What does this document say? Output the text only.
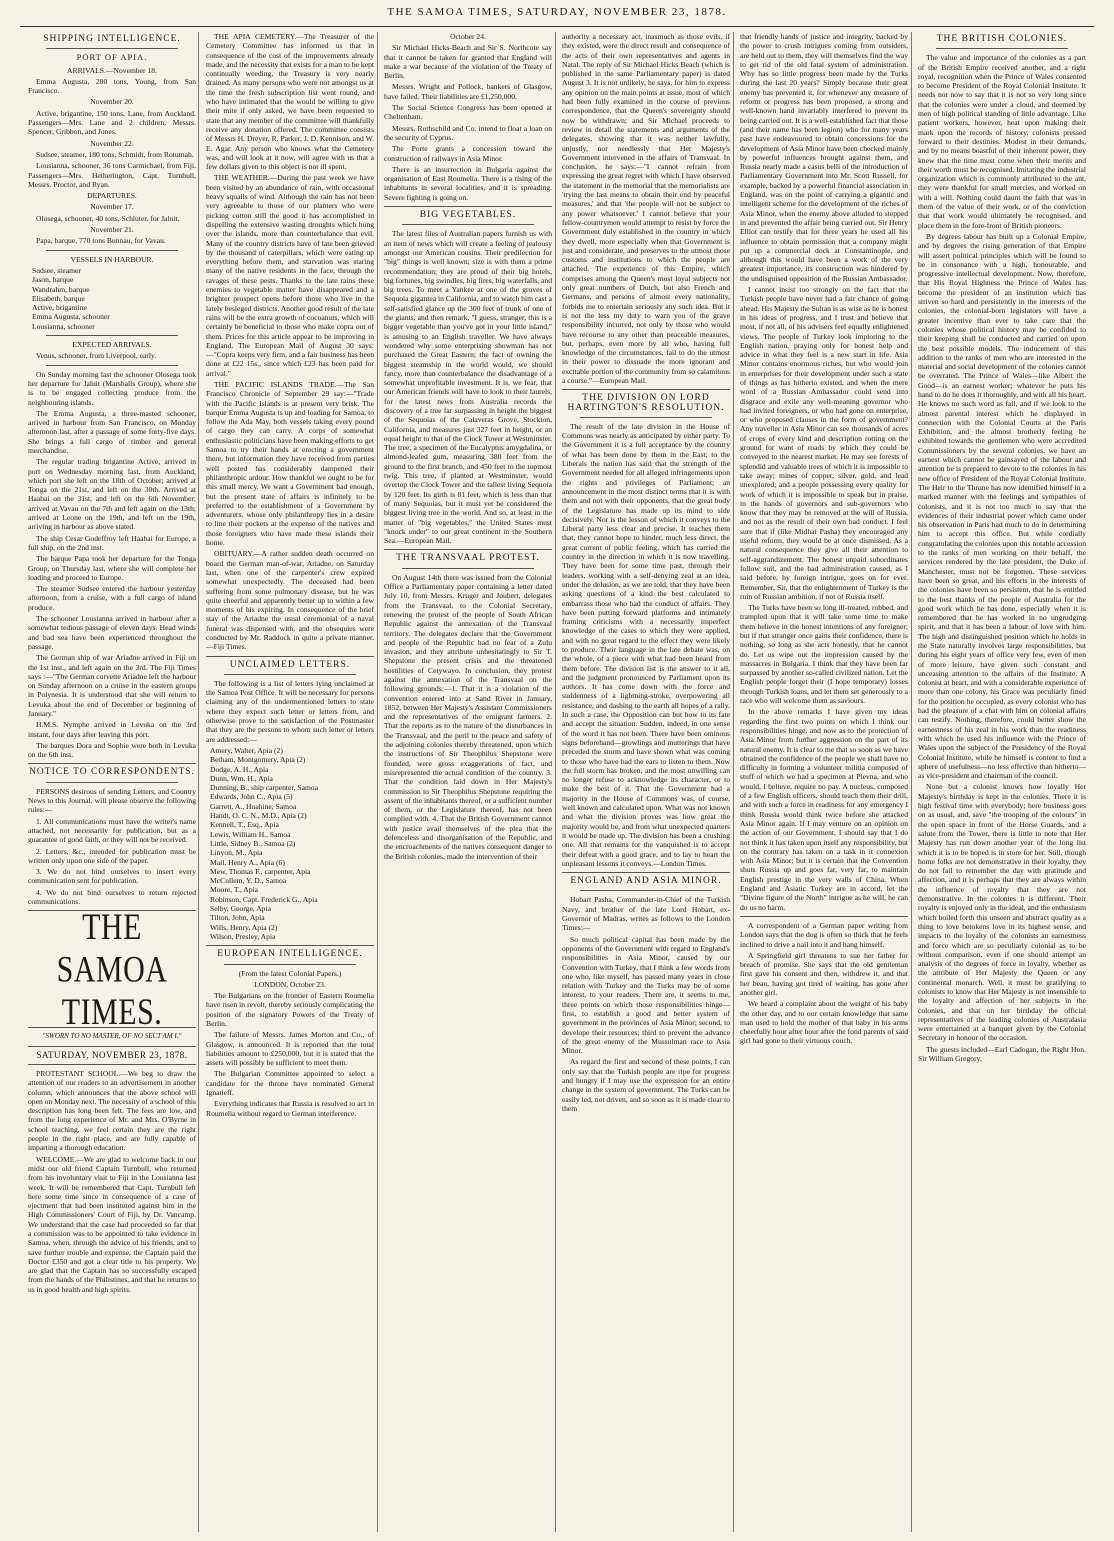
THE SAMOA TIMES, SATURDAY, NOVEMBER 23, 1878.
SHIPPING INTELLIGENCE.
PORT OF APIA.

ARRIVALS.—November 18.

Emma Augusta, 280 tons, Young, from San Francisco.

November 20.

Active, brigantine, 150 tons, Lane, from Auckland. Passengers—Mrs. Lane and 2 children, Messrs. Spencer, Gribbon, and Jones.

November 22.

Sudsee, steamer, 180 tons, Schmidt, from Rotumah.

Lousianna, schooner, 36 tons Carmichael, from Fiji. Passengers—Mrs. Hetherington, Capt. Turnbull, Messrs. Proctor, and Ryan.

DEPARTURES.

November 17.

Olosega, schooner, 40 tons, Schluter, for Jaluit.

November 21.

Papa, barque, 770 tons Bunnau, for Vavau.

VESSELS IN HARBOUR.

Sudsee, steamer
Jason, barque
Wandrahm, barque
Elisabeth, barque
Active, brigantine
Emma Augusta, schooner
Lousianna, schooner

EXPECTED ARRIVALS.

Venus, schooner, from Liverpool, early.

On Sunday morning last the schooner Olosega took her departure for Jaluit (Marshalls Group), where she is to be engaged collecting produce from the neighbouring islands.

The Emma Augusta, a three-masted schooner, arrived in harbour from San Francisco, on Monday afternoon last, after a passage of some forty-five days. She brings a full cargo of timber and general merchandise.

The regular trading brigantine Active, arrived in port on Wednesday morning last, from Auckland, which port she left on the 18th of October; arrived at Tonga on the 21st, and left on the 30th. Arrived at Haabai on the 31st, and left on the 6th November; arrived at Vavau on the 7th and left again on the 13th; arrived at Leone on the 19th, and left on the 19th, arriving in harbour as above stated.

The ship Cesar Godeffroy left Haabai for Europe, a full ship, on the 2nd inst.

The barque Papa took her departure for the Tonga Group, on Thursday last, where she will complete her loading and proceed to Europe.

The steamer Sudsee entered the harbour yesterday afternoon, from a cruise, with a full cargo of island produce.

The schooner Lousianna arrived in harbour after a somewhat tedious passage of eleven days. Head winds and bad sea have been experienced throughout the passage.

The German ship of war Ariadne arrived in Fiji on the 1st inst., and left again on the 3rd. The Fiji Times says :—"The German corvette Ariadne left the harbour on Sunday afternoon on a cruise in the eastern groups in Polynesia. It is understood that she will return to Levuka about the end of December or beginning of January."

H.M.S. Nymphe arrived in Levuka on the 3rd instant, four days after leaving this port.

The barques Dora and Sophie were both in Levuka on the 6th inst.

NOTICE TO CORRESPONDENTS.

PERSONS desirous of sending Letters, and Country News to this Journal, will please observe the following rules:—

1. All communications must have the writer's name attached, not necessarily for publication, but as a guarantee of good faith, or they will not be received.

2. Letters, &c., intended for publication must be written only upon one side of the paper.

3. We do not bind ourselves to insert every communication sent for publication.

4. We do not bind ourselves to return rejected communications.

THE SAMOA TIMES.
"SWORN TO NO MASTER, OF NO SECT AM I."
SATURDAY, NOVEMBER 23, 1878.

PROTESTANT SCHOOL.—We beg to draw the attention of our readers to an advertisement in another column, which announces that the above school will open on Monday next. The necessity of a school of this description has long been felt. The fees are low, and from the long experience of Mr. and Mrs. O'Byrne in school teaching, we feel certain they are the right people in the right place, and are fully capable of imparting a thorough education.

WELCOME.—We are glad to welcome back in our midst our old friend Captain Turnbull, who returned from his involuntary visit to Fiji in the Lousianna last week. It will be remembered that Capt. Turnbull left here some time since in consequence of a case of ejectment that had been instituted against him in the High Commissioners' Court of Fiji, by Dr. Vancamp. We understand that the case had proceeded so far that a commission was to be appointed to take evidence in Samoa, when, through the advice of his friends, and to save further trouble and expense, the Captain paid the Doctor £350 and got a clear title to his property. We are glad that the Captain has so successfully escaped from the hands of the Philistines, and that he returns to us in good health and high spirits.

THE APIA CEMETERY.—The Treasurer of the Cemetery Committee has informed us that in consequence of the cost of the improvements already made, and the necessity that exists for a man to be kept continually weeding, the Treasury is very nearly drained. As many persons who were not amongst us at the time the fresh subscription list went round, and who have intimated that the would be willing to give their mite if only asked, we have been requested to state that any member of the committee will thankfully receive any donation offered. The committee consists of Messrs H. Dreyer, R. Parker, J. D. Kennison, and W. E. Agar. Any person who knows what the Cemetery was, and will look at it now, will agree with us that a few dollars given to this object is not ill spent.

THE WEATHER.—During the past week we have been visited by an abundance of rain, with occasional heavy squalls of wind. Although the rain has not been very agreeable to those of our planters who were picking cotton still the good it has accomplished in dispelling the extensive wasting droughts which hung over the islands, more than counterbalance that evil. Many of the country districts have of late been grieved by the thousand of caterpillars, which were eating up everything before them, and starvation was staring many of the native residents in the face, through the ravages of these pests. Thanks to the late rains these enemies to vegetable matter have disappeared and a brighter prospect opens before those who live in the lately besieged districts. Another good result of the late rains will be the extra growth of cocoanuts, which will certainly be beneficial to those who make copra out of them. Prices for this article appear to be improving in England. The European Mail of August 30 says:—"Copra keeps very firm, and a fair business has been done at £22 15s., since which £23 has been paid for arrival."

THE PACIFIC ISLANDS TRADE.—The San Francisco Chronicle of September 29 say:—"Trade with the Pacific Islands is at present very brisk. The barque Emma Augusta is up and loading for Samoa, to follow the Ada May, both vessels taking every pound of cargo they can carry. A corps of somewhat enthusiastic politicians have been making efforts to get Samoa to try their hands at erecting a government there, but information they have received from parties well posted has considerably dampened their philanthropic ardour. How thankful we ought to be for this small mercy. We want a Government bad enough, but the present state of affairs is infinitely to be preferred to the establishment of a Government by adventurers, whose only philanthropy lies in a desire to line their pockets at the expense of the natives and those foreigners who have made these islands their home.

OBITUARY.—A rather sudden death occurred on board the German man-of-war, Ariadne, on Saturday last, when one of the carpenter's crew expired somewhat unexpectedly. The deceased had been suffering from some pulmonary disease, but he was quite cheerful and apparently better up to within a few moments of his expiring. In consequence of the brief stay of the Ariadne the usual ceremonial of a naval funeral was dispensed with, and the obsequies were conducted by Mr. Raddock in quite a private manner.—Fiji Times.

UNCLAIMED LETTERS.

The following is a list of letters lying unclaimed at the Samoa Post Office. It will be necessary for persons claiming any of the undermentioned letters to state where they expect such letter or letters from, and otherwise prove to the satisfaction of the Postmaster that they are the persons to whom such letter or letters are addressed:—

Amery, Walter, Apia (2)
Betham, Montgomery, Apia (2)
Dodge, A. H., Apia
Dunn, Wm. H., Apia
Dunning, B., ship carpenter, Samoa
Edwards, John C., Apia (5)
Garrett, A., Huahine, Samoa
Handt, O. C. N., M.D., Apia (2)
Kennell, T., Esq., Apia
Lewis, William H., Samoa
Little, Sidney B., Samoa (2)
Linyon, M., Apia
Mail, Henry A., Apia (6)
Mew, Thomas F., carpenter, Apia
McCullem, Y. D., Samoa
Moore, T., Apia
Robinson, Capt. Frederick G., Apia
Selby, George, Apia
Tilton, John, Apia
Wills, Henry, Apia (2)
Wilson, Presley, Apia
EUROPEAN INTELLIGENCE.

(From the latest Colonial Papers.)

LONDON, October 23.

The Bulgarians on the frontier of Eastern Roumelia have risen in revolt, thereby seriously complicating the position of the signatory Powers of the Treaty of Berlin.

The failure of Messrs. James Morton and Co., of Glasgow, is announced. It is reported that the total liabilities amount to £250,000, but it is stated that the assets will possibly be sufficient to meet them.

The Bulgarian Committee appointed to select a candidate for the throne have nominated General Ignatieff.

Everything indicates that Russia is resolved to act in Roumelia without regard to German interference.

October 24.

Sir Michael Hicks-Beach and Sir S. Northcote say that it cannot be taken for granted that England will make a war because of the violation of the Treaty of Berlin.

Messrs. Wright and Pollock, bankers of Glasgow, have failed. Their liabilities are £1,250,000.

The Social Science Congress has been opened at Cheltenham.

Messrs. Rothschild and Co. intend to float a loan on the security of Cyprus.

The Porte grants a concession toward the construction of railways in Asia Minor.

There is an insurrection in Bulgaria against the organisation of East Roumelia. There is a rising of the inhabitants in several localities, and it is spreading. Severe fighting is going on.

BIG VEGETABLES.

The latest files of Australian papers furnish us with an item of news which will create a feeling of jealousy amongst our American cousins. Their predilection for "big" things is well known; size is with them a prime recommendation; they are proud of their big hotels, big fortunes, big swindles, big fires, big waterfalls, and big trees. To meet a Yankee at one of the groves of Sequoia gigantea in California, and to watch him cast a self-satisfied glance up the 300 feet of trunk of one of the giants, and then remark, "I guess, stranger, this is a bigger vegetable than you've got in your little island," is amusing to an English traveller. We have always wondered why some enterprising showman has not purchased the Great Eastern; the fact of owning the biggest steamship in the world would, we should fancy, more than counterbalance the disadvantage of a somewhat unprofitable investment. It is, we fear, that our American friends will have to look to their laurels, for the latest news from Australia records the discovery of a tree far surpassing in height the biggest of the Sequoias of the Calaveras Grove, Stockton, California, and measures just 327 feet in height, or an equal height to that of the Clock Tower at Westminster. The tree, a specimen of the Eucalyptus amygdalina, or almond-leafed gum, measuring 380 feet from the ground to the first branch, and 450 feet to the topmost twig. This tree, if planted at Westminster, would overtop the Clock Tower and the tallest living Sequoia by 120 feet. Its girth is 81 feet, which is less than that of many Sequoias, but it must yet be considered the biggest living tree in the world. And so, at least in the matter of "big vegetables," the United States must "knock under" to our great continent in the Southern Sea.—European Mail.

THE TRANSVAAL PROTEST.

On August 14th there was issued from the Colonial Office a Parliamentary paper containing a letter dated July 10, from Messrs. Kruger and Joubert, delegates from the Transvaal, to the Colonial Secretary, renewing the protest of the people of South African Republic against the annexation of the Transvaal territory. The delegates declare that the Government and people of the Republic had no fear of a Zulu invasion, and they attribute unhesitatingly to Sir T. Shepstone the present crisis and the threatened hostilities of Cetywayo. In conclusion, they protest against the annexation of the Transvaal on the following grounds:—1. That it is a violation of the convention entered into at Sand River in January, 1852, between Her Majesty's Assistant Commissioners and the representatives of the emigrant farmers. 2. That the reports as to the nature of the disturbances in the Transvaal, and the peril to the peace and safety of the adjoining colonies thereby threatened, upon which the instructions of Sir Theophilus Shepstone were founded, were gross exaggerations of fact, and misrepresented the actual condition of the country. 3. That the condition laid down in Her Majesty's commission to Sir Theophilus Shepstone requiring the assent of the inhabitants thereof, or a sufficient number of them, or the Legislature thereof, has not been complied with. 4. That the British Government cannot with justice avail themselves of the plea that the defenceless and disorganisation of the Republic, and the encroachments of the natives consequent danger to the British colonies, made the intervention of their

authority a necessary act, inasmuch as those evils, if they existed, were the direct result and consequence of the acts of their own representatives and agents in Natal. The reply of Sir Michael Hicks Beach (which is published in the same Parliamentary paper) is dated August 3. It is not unlikely, he says, for him to express any opinion on the main points at issue, most of which had been fully examined in the course of previous correspondence, that the Queen's sovereignty should now be withdrawn; and Sir Michael proceeds to review in detail the statements and arguments of the delegates, showing that it was neither lawfully, unjustly, nor needlessly that Her Majesty's Government intervened in the affairs of Transvaal. In conclusion, he says:—"I cannot refrain from expressing the great regret with which I have observed the statement in the memorial that the memorialists are 'trying the last means to obtain their end by peaceful measures,' and that 'the people will not be subject to any power whatsoever.' I cannot believe that your fellow-countrymen would attempt to resist by force the Government duly established in the country in which they dwell, more especially when that Government is just and considerate, and preserves to the utmost those customs and institutions to which the people are attached. The experience of this Empire, which comprises among the Queen's most loyal subjects not only great numbers of Dutch, but also French and Germans, and persons of almost every nationality, forbids me to entertain seriously any such idea. But it is not the less my duty to warn you of the grave responsibility incurred, not only by those who would have recourse to any other than peaceable measures, but, perhaps, even more by all who, having full knowledge of the circumstances, fail to do the utmost in their power to dissuade the more ignorant and excitable portion of the community from so calamitous a course."—European Mail.

THE DIVISION ON LORD HARTINGTON'S RESOLUTION.

The result of the late division in the House of Commons was nearly as anticipated by either party. To the Government it is a full acceptance by the country of what has been done by them in the East; to the Liberals the nation has said that the strength of the Government needed for all alleged infringements upon the rights and privileges of Parliament; an announcement in the most distinct terms that it is with them and not with their opponents, that the great body of the Legislature has made up its mind to side decisively. Nor is the lesson of which it conveys to the Liberal party less clear and precise. It teaches them that, they cannot hope to hinder, much less direct, the great current of public feeling, which has carried the country in the direction in which it is now travelling. They have been for some time past, through their leaders, working with a self-denying zeal at an idea, under the delusion, as we are told, that they have been asking questions of a kind the best calculated to embarrass those who had the conduct of affairs. They have been putting forward platforms and intimately framing criticisms with a necessarily imperfect knowledge of the cases to which they were applied, and with no great regard to the effect they were likely to produce. Their language in the late debate was, on the whole, of a piece with what had been heard from them before. The division list is the answer to it all, and the judgment pronounced by Parliament upon its authors. It has come down with the force and suddenness of a lightning-stroke, overpowering all resistance, and dashing to the earth all hopes of a rally. In such a case, the Opposition can but bow to its fate and accept the situation. Sudden, indeed, in one sense of the word it has not been. There have been ominous signs beforehand—growlings and mutterings that have preceded the storm and have shown what was coming to those who have had the ears to listen to them. Now the full storm has broken, and the most unwilling can no longer refuse to acknowledge its character, or to make the best of it. That the Government had a majority in the House of Commons was, of course, well known and calculated upon. What was not known and what the division proves was how great the majority would be, and from what unexpected quarters it would be made up. The division has been a crushing one. All that remains for the vanquished is to accept their defeat with a good grace, and to lay to heart the unpleasant lessons it conveys.—London Times.

ENGLAND AND ASIA MINOR.

Hobart Pasha, Commander-in-Chief of the Turkish Navy, and brother of the late Lord Hobart, ex-Governor of Madras, writes as follows to the London Times:—

So much political capital has been made by the opponents of the Government with regard to England's responsibilities in Asia Minor, caused by our Convention with Turkey, that I think a few words from one who, like myself, has passed many years in close relation with Turkey and the Turks may be of some interest, to your readers. There are, it seems to me, three points on which those responsibilities hinge—first, to establish a good and better system of government in the provinces of Asia Minor; second, to develope their resources; third to prevent the advance of the great enemy of the Mussulman race to Asia Minor.

As regard the first and second of these points, I can only say that the Turkish people are ripe for progress and hungry if I may use the expression for an entire change in the system of government. The Turks can be easily led, not driven, and so soon as it is made clear to them

that friendly hands of justice and integrity, backed by the power to crush intrigues coming from outsiders, are held out to them, they will themselves find the way to get rid of the old fatal system of administration. Why has so little progress been made by the Turks during the last 20 years? Simply because their great enemy has prevented it, for whenever any measure of reform or progress has been proposed, a strong and well-known hand invariably interfered to prevent its being carried out. It is a well-established fact that those (and their name has been legion) who for many years past have endeavoured to obtain concessions for the development of Asia Minor have been checked mainly by powerful influences brought against them, and Russia nearly made a casus belli of the introduction of Parliamentary Government into Mr. Scott Russell, for example, backed by a powerful financial association in England, was on the point of carrying a gigantic and intelligent scheme for the development of the riches of Asia Minor, when the enemy above alluded to stepped in and prevented the affair being carried out. Sir Henry Elliot can testify that for three years he used all his influence to obtain permission that a company might put up a commercial dock at Constantinople, and although this would have been a work of the very greatest importance, its construction was hindered by the undisguised opposition of the Russian Ambassador.

I cannot insist too strongly on the fact that the Turkish people have never had a fair chance of going ahead. His Majesty the Sultan is as wise as he is honest in his ideas of progress, and I trust and believe that most, if not all, of his advisers feel equally enlightened views. The people of Turkey look imploring to the English nation, praying only for honest help and advice in what they feel is a new start in life. Asia Minor contains enormous riches, but who would join in enterprises for their development under such a state of things as has hitherto existed, and when the mere word of a Russian Ambassador could send into disgrace and exile any well-meaning governor who had invited foreigners, or who had gone on enterprise, or who proposed clauses in the form of government? Any traveller in Asia Minor can see thousands of acres of crops of every kind and description rotting on the ground for want of roads by which they could be conveyed to the nearest market. He may see forests of splendid and valuable trees of which it is impossible to take away; mines of copper, silver, gold, and lead unexplored; and a people possessing every quality for work of which it is impossible to speak but in praise, in the hands of governors and sub-governors who know that they may be removed at the will of Russia, and not as the result of their own bad conduct. I feel sure that if (like Midhat Pasha) they encouraged any useful reform, they would be at once dismissed. As a natural consequence they give all their attention to self-aggrandizement. The honest unpaid subordinates follow suit, and the bad administration caused, as I said before, by foreign intrigue, goes on for ever. Remember, Sir, that the enlightenment of Turkey is the ruin of Russian ambition, if not of Russia itself.

The Turks have been so long ill-treated, robbed, and trampled upon that it will take some time to make them believe in the honest intentions of any foreigner; but if that stranger once gains their confidence, there is nothing, so long as she acts honestly, that he cannot do. Let us wipe out the impression caused by the massacres in Bulgaria. I think that they have been far surpassed by another so-called civilized nation. Let the English people forget their (I hope temporary) losses through Turkish loans, and let them set generously to a race who will welcome them as saviours.

In the above remarks I have given my ideas regarding the first two points on which I think our responsibilities hinge, and now as to the protection of Asia Minor from further aggression on the part of its natural enemy. It is clear to me that so soon as we have obtained the confidence of the people we shall have no difficulty in forming a volunteer militia composed of stuff of which we had a specimen at Plevna, and who would, I believe, require no pay. A nucleus, composed of a few English officers, should teach them their drill, and with such a force in readiness for any emergency I think Russia would think twice before she attacked Asia Minor again. If I may venture on an opinion on the action of our Government, I should say that I do not think it has taken upon itself any responsibility, but on the contrary has taken on a task in it connexion with Asia Minor; but it is certain that the Convention shuts Russia up and goes far, very far, to maintain English prestige in the very walls of China. When England and Asiatic Turkey are in accord, let the "Divine figure of the North" intrigue as he will, he can do us no harm.

A correspondent of a German paper writing from London says that the dog is often so thick that he feels inclined to drive a nail into it and hang himself.

A Springfield girl threatens to sue her father for breach of promise. She says that the old gentleman first gave his consent and then, withdrew it, and that her beau, having got tired of waiting, has gone after another girl.

We heard a complaint about the weight of his baby the other day, and to our certain knowledge that same man used to hold the mother of that baby in his arms cheerfully hour after hour after the fond parents of said girl had gone to their virtuous couch.

THE BRITISH COLONIES.

The value and importance of the colonies as a part of the British Empire received another, and a right royal, recognition when the Prince of Wales consented to become President of the Royal Colonial Institute. It needs not now to say that it is not so very long since that the colonies were under a cloud, and deemed by men of high political standing of little advantage. Like patient workers, however, heat upon making their mark upon the records of history, colonists pressed forward to their destinies. Modest in their demands, and by no means boastful of their inherent power, they knew that the time must come when their merits and their worth must be recognised. Imitating the industrial organization which is commonly attributed to the ant, they were thankful for small mercies, and worked on with a will. Nothing could daunt the faith that was in them of the value of their work, or of the conviction that that work would ultimately be recognised, and place them in the fore-front of British pioneers.

By degrees labour has built up a Colonial Empire, and by degrees the rising generation of that Empire will assert political principles which will be found to be in consonance with a high, honourable, and progressive intellectual development. Now, therefore, that His Royal Highness the Prince of Wales has become the president of an institution which has striven so hard and persistently in the interests of the colonies, the colonial-born legislators will have a greater incentive than ever to take care that the colonies whose political history may be confided to their keeping shall be conducted and carried on upon the best possible models. The inducement of this addition to the ranks of men who are interested in the material and social development of the colonies cannot be overrated. The Prince of Wales—like Albert the Good—is an earnest worker; whatever he puts his hand to do he does it thoroughly, and with all his heart. He knows no such word as fail, and if we look to the almost parental interest which he displayed in connection with the Colonial Courts at the Paris Exhibition, and the almost brotherly feeling he exhibited towards the gentlemen who were accredited Commissioners by the several colonies, we have an earnest which cannot be gainsayed of the labour and attention he is prepared to devote to the colonies in his new office of President of the Royal Colonial Institute. The Heir to the Throne has now identified himself in a marked manner with the feelings and sympathies of colonists, and it is not too much to say that the evidences of their industrial power which came under his observation in Paris had much to do in determining him to accept this office. But while cordially congratulating the colonies upon this notable accession to the ranks of men working on their behalf, the services rendered by the late president, the Duke of Manchester, must not be forgotten. These services have been so great, and his efforts in the interests of the colonies have been so persistent, that he is entitled to the best thanks of the people of Australia for the good work which he has done, especially when it is remembered that he has worked in no ungrudging spirit, and that it has been a labour of love with him. The high and distinguished position which he holds in the State naturally involves large responsibilities, but during his eight years of office very few, even of men of more leisure, have given such constant and unceasing attention to the affairs of the Institute. A colonist at heart, and with a considerable experience of more than one colony, his Grace was peculiarly fitted for the position he occupied, as every colonist who has had the pleasure of a chat with him on colonial affairs can testify. Nothing, therefore, could better show the earnestness of his zeal in his work than the readiness with which he used his influence with the Prince of Wales upon the subject of the Presidency of the Royal Colonial Institute, while he himself is content to find a sphere of usefulness—no less effective than hitherto—as vice-president and chairman of the council.

None but a colonist knows how loyally Her Majesty's birthday is kept in the colonies. There it is high festival time with everybody; here business goes on as usual, and, save "the trooping of the colours" in the open space in front of the Horse Guards, and a salute from the Tower, there is little to note that Her Majesty has run down another year of the long list which it is to be hoped is in store for her. Still, though home folks are not demonstrative in their loyalty, they do not fail to remember the day with gratitude and affection, and it is perhaps that they are always within the influence of royalty that they are not demonstrative. In the colonies it is different. Their royalty is enjoyed only in the ideal, and the enthusiasm which boiled forth this unseen and abstract quality as a thing to love betokens love in its highest sense, and impacts to the loyalty of the colonists an earnestness and force which are so peculiarly colonial as to be without comparison, even if one should attempt an analysis of the degrees of force in loyalty, whether as the attribute of Her Majesty the Queen or any continental monarch. Well, it must be gratifying to colonists to know that Her Majesty is not insensible to the loyalty and affection of her subjects in the colonies, and that on her birthday the official representatives of the leading colonies of Australasia were entertained at a banquet given by the Colonial Secretary in honour of the occasion.

The guests included—Earl Cadogan, the Right Hon. Sir William Gregory,
